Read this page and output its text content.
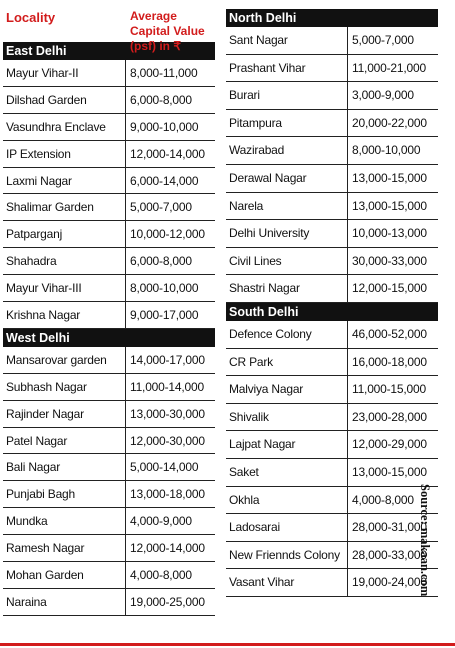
Locality	Average Capital Value (psf) in ₹
East Delhi
Mayur Vihar-II	8,000-11,000
Dilshad Garden	6,000-8,000
Vasundhra Enclave	9,000-10,000
IP Extension	12,000-14,000
Laxmi Nagar	6,000-14,000
Shalimar Garden	5,000-7,000
Patparganj	10,000-12,000
Shahadra	6,000-8,000
Mayur Vihar-III	8,000-10,000
Krishna Nagar	9,000-17,000
West Delhi
Mansarovar garden	14,000-17,000
Subhash Nagar	11,000-14,000
Rajinder Nagar	13,000-30,000
Patel Nagar	12,000-30,000
Bali Nagar	5,000-14,000
Punjabi Bagh	13,000-18,000
Mundka	4,000-9,000
Ramesh Nagar	12,000-14,000
Mohan Garden	4,000-8,000
Naraina	19,000-25,000
North Delhi
Sant Nagar	5,000-7,000
Prashant Vihar	11,000-21,000
Burari	3,000-9,000
Pitampura	20,000-22,000
Wazirabad	8,000-10,000
Derawal Nagar	13,000-15,000
Narela	13,000-15,000
Delhi University	10,000-13,000
Civil Lines	30,000-33,000
Shastri Nagar	12,000-15,000
South Delhi
Defence Colony	46,000-52,000
CR Park	16,000-18,000
Malviya Nagar	11,000-15,000
Shivalik	23,000-28,000
Lajpat Nagar	12,000-29,000
Saket	13,000-15,000
Okhla	4,000-8,000
Ladosarai	28,000-31,000
New Friennds Colony	28,000-33,000
Vasant Vihar	19,000-24,000
Source: makaan.com
